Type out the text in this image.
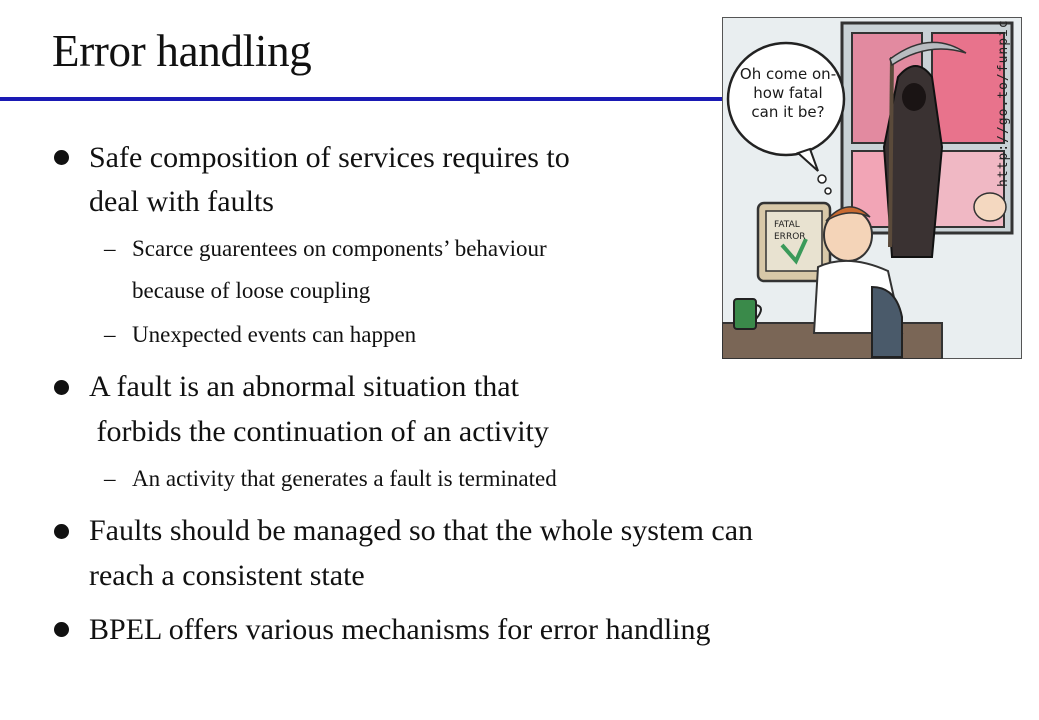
Error handling
Safe composition of services requires to
deal with faults
– Scarce guarentees on components’ behaviour
because of loose coupling
– Unexpected events can happen
A fault is an abnormal situation that
forbids the continuation of an activity
– An activity that generates a fault is terminated
Faults should be managed so that the whole system can
reach a consistent state
BPEL offers various mechanisms for error handling
FATAL
ERROR
Oh come on-
how fatal
can it be?
